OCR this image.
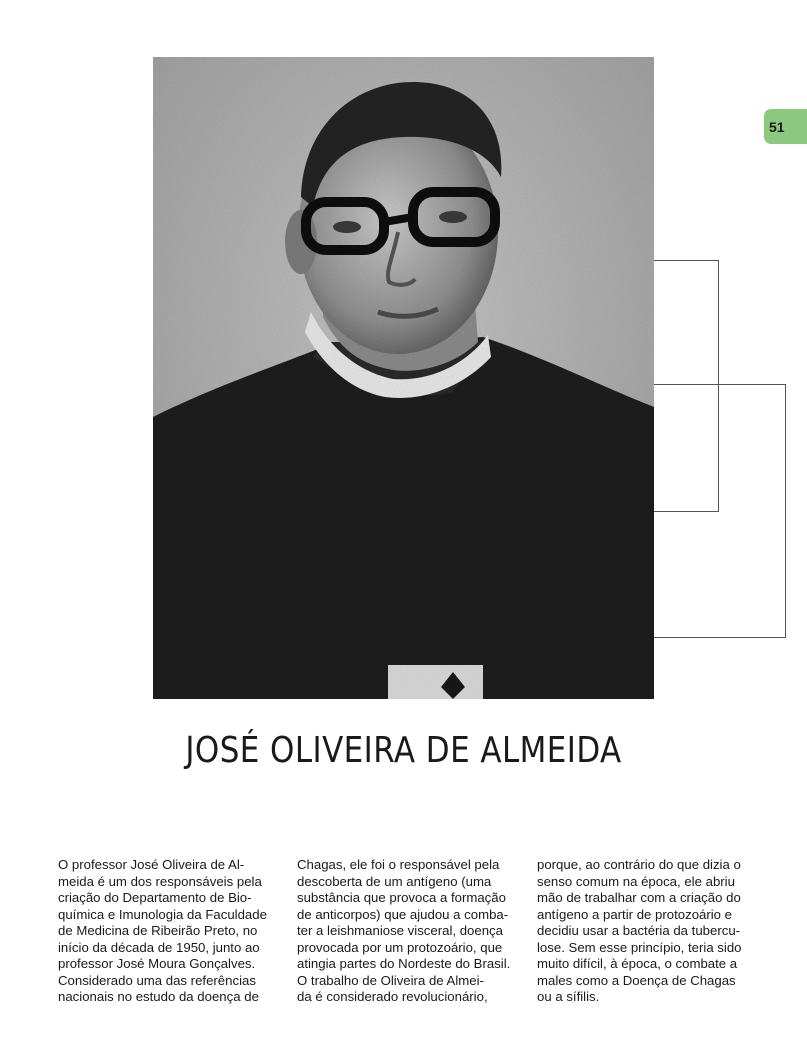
51
JOSÉ OLIVEIRA DE ALMEIDA
O professor José Oliveira de Al-
meida é um dos responsáveis pela
criação do Departamento de Bio-
química e Imunologia da Faculdade
de Medicina de Ribeirão Preto, no
início da década de 1950, junto ao
professor José Moura Gonçalves.
Considerado uma das referências
nacionais no estudo da doença de
Chagas, ele foi o responsável pela
descoberta de um antígeno (uma
substância que provoca a formação
de anticorpos) que ajudou a comba-
ter a leishmaniose visceral, doença
provocada por um protozoário, que
atingia partes do Nordeste do Brasil.
O trabalho de Oliveira de Almei-
da é considerado revolucionário,
porque, ao contrário do que dizia o
senso comum na época, ele abriu
mão de trabalhar com a criação do
antígeno a partir de protozoário e
decidiu usar a bactéria da tubercu-
lose. Sem esse princípio, teria sido
muito difícil, à época, o combate a
males como a Doença de Chagas
ou a sífilis.
